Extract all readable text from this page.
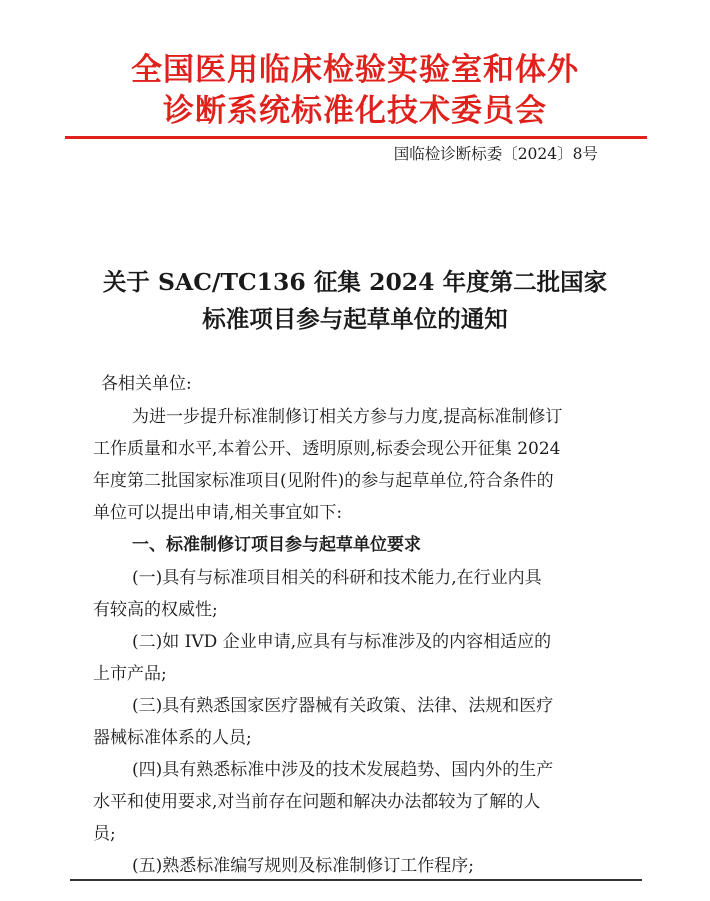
全国医用临床检验实验室和体外
诊断系统标准化技术委员会
国临检诊断标委〔2024〕8号
关于 SAC/TC136 征集 2024 年度第二批国家
标准项目参与起草单位的通知
各相关单位:
为进一步提升标准制修订相关方参与力度,提高标准制修订
工作质量和水平,本着公开、透明原则,标委会现公开征集 2024
年度第二批国家标准项目(见附件)的参与起草单位,符合条件的
单位可以提出申请,相关事宜如下:
一、标准制修订项目参与起草单位要求
(一)具有与标准项目相关的科研和技术能力,在行业内具
有较高的权威性;
(二)如 IVD 企业申请,应具有与标准涉及的内容相适应的
上市产品;
(三)具有熟悉国家医疗器械有关政策、法律、法规和医疗
器械标准体系的人员;
(四)具有熟悉标准中涉及的技术发展趋势、国内外的生产
水平和使用要求,对当前存在问题和解决办法都较为了解的人
员;
(五)熟悉标准编写规则及标准制修订工作程序;
